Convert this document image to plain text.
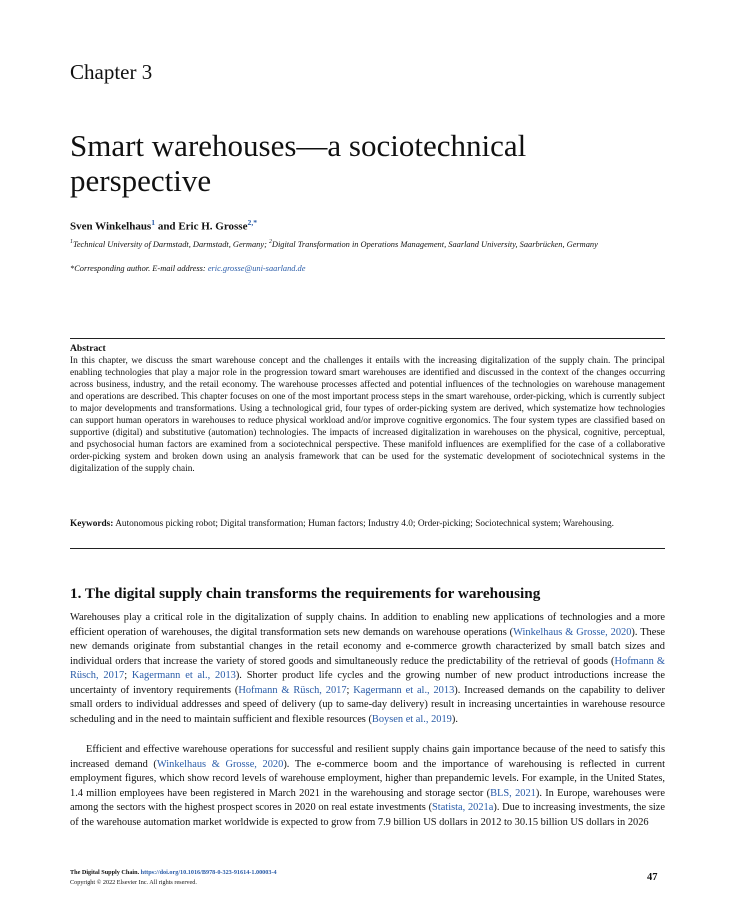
Chapter 3
Smart warehouses—a sociotechnical perspective

Sven Winkelhaus$^1$ and Eric H. Grosse$^{2,*}$

$^1$Technical University of Darmstadt, Darmstadt, Germany; $^2$Digital Transformation in Operations Management, Saarland University, Saarbrücken, Germany

*Corresponding author. E-mail address: eric.grosse@uni-saarland.de

Abstract

In this chapter, we discuss the smart warehouse concept and the challenges it entails with the increasing digitalization of the supply chain. The principal enabling technologies that play a major role in the progression toward smart warehouses are identified and discussed in the context of the changes occurring across business, industry, and the retail economy. The warehouse processes affected and potential influences of the technologies on warehouse management and operations are described. This chapter focuses on one of the most important process steps in the smart warehouse, order-picking, which is currently subject to major developments and transformations. Using a technological grid, four types of order-picking system are derived, which systematize how technologies can support human operators in warehouses to reduce physical workload and/or improve cognitive ergonomics. The four system types are classified based on supportive (digital) and substitutive (automation) technologies. The impacts of increased digitalization in warehouses on the physical, cognitive, perceptual, and psychosocial human factors are examined from a sociotechnical perspective. These manifold influences are exemplified for the case of a collaborative order-picking system and broken down using an analysis framework that can be used for the systematic development of sociotechnical systems in the digitalization of the supply chain.

Keywords: Autonomous picking robot; Digital transformation; Human factors; Industry 4.0; Order-picking; Sociotechnical system; Warehousing.

1. The digital supply chain transforms the requirements for warehousing

Warehouses play a critical role in the digitalization of supply chains. In addition to enabling new applications of technologies and a more efficient operation of warehouses, the digital transformation sets new demands on warehouse operations (Winkelhaus & Grosse, 2020). These new demands originate from substantial changes in the retail economy and e-commerce growth characterized by small batch sizes and individual orders that increase the variety of stored goods and simultaneously reduce the predictability of the retrieval of goods (Hofmann & Rüsch, 2017; Kagermann et al., 2013). Shorter product life cycles and the growing number of new product introductions increase the uncertainty of inventory requirements (Hofmann & Rüsch, 2017; Kagermann et al., 2013). Increased demands on the capability to deliver small orders to individual addresses and speed of delivery (up to same-day delivery) result in increasing uncertainties in warehouse resource scheduling and in the need to maintain sufficient and flexible resources (Boysen et al., 2019).

Efficient and effective warehouse operations for successful and resilient supply chains gain importance because of the need to satisfy this increased demand (Winkelhaus & Grosse, 2020). The e-commerce boom and the importance of warehousing is reflected in current employment figures, which show record levels of warehouse employment, higher than prepandemic levels. For example, in the United States, 1.4 million employees have been registered in March 2021 in the warehousing and storage sector (BLS, 2021). In Europe, warehouses were among the sectors with the highest prospect scores in 2020 on real estate investments (Statista, 2021a). Due to increasing investments, the size of the warehouse automation market worldwide is expected to grow from 7.9 billion US dollars in 2012 to 30.15 billion US dollars in 2026

The Digital Supply Chain. https://doi.org/10.1016/B978-0-323-91614-1.00003-4

Copyright © 2022 Elsevier Inc. All rights reserved.	47
